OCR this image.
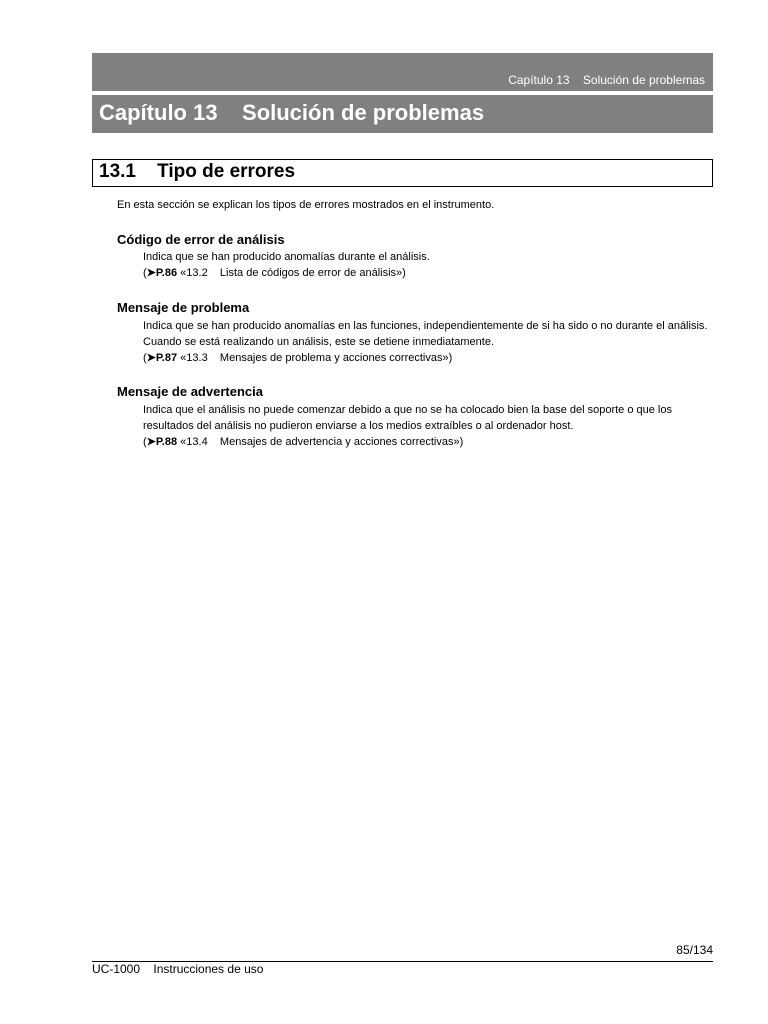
Capítulo 13    Solución de problemas
Capítulo 13    Solución de problemas
13.1    Tipo de errores
En esta sección se explican los tipos de errores mostrados en el instrumento.
Código de error de análisis
Indica que se han producido anomalías durante el análisis.
(➤P.86 «13.2    Lista de códigos de error de análisis»)
Mensaje de problema
Indica que se han producido anomalías en las funciones, independientemente de si ha sido o no durante el análisis. Cuando se está realizando un análisis, este se detiene inmediatamente.
(➤P.87 «13.3    Mensajes de problema y acciones correctivas»)
Mensaje de advertencia
Indica que el análisis no puede comenzar debido a que no se ha colocado bien la base del soporte o que los resultados del análisis no pudieron enviarse a los medios extraíbles o al ordenador host.
(➤P.88 «13.4    Mensajes de advertencia y acciones correctivas»)
85/134
UC-1000    Instrucciones de uso
